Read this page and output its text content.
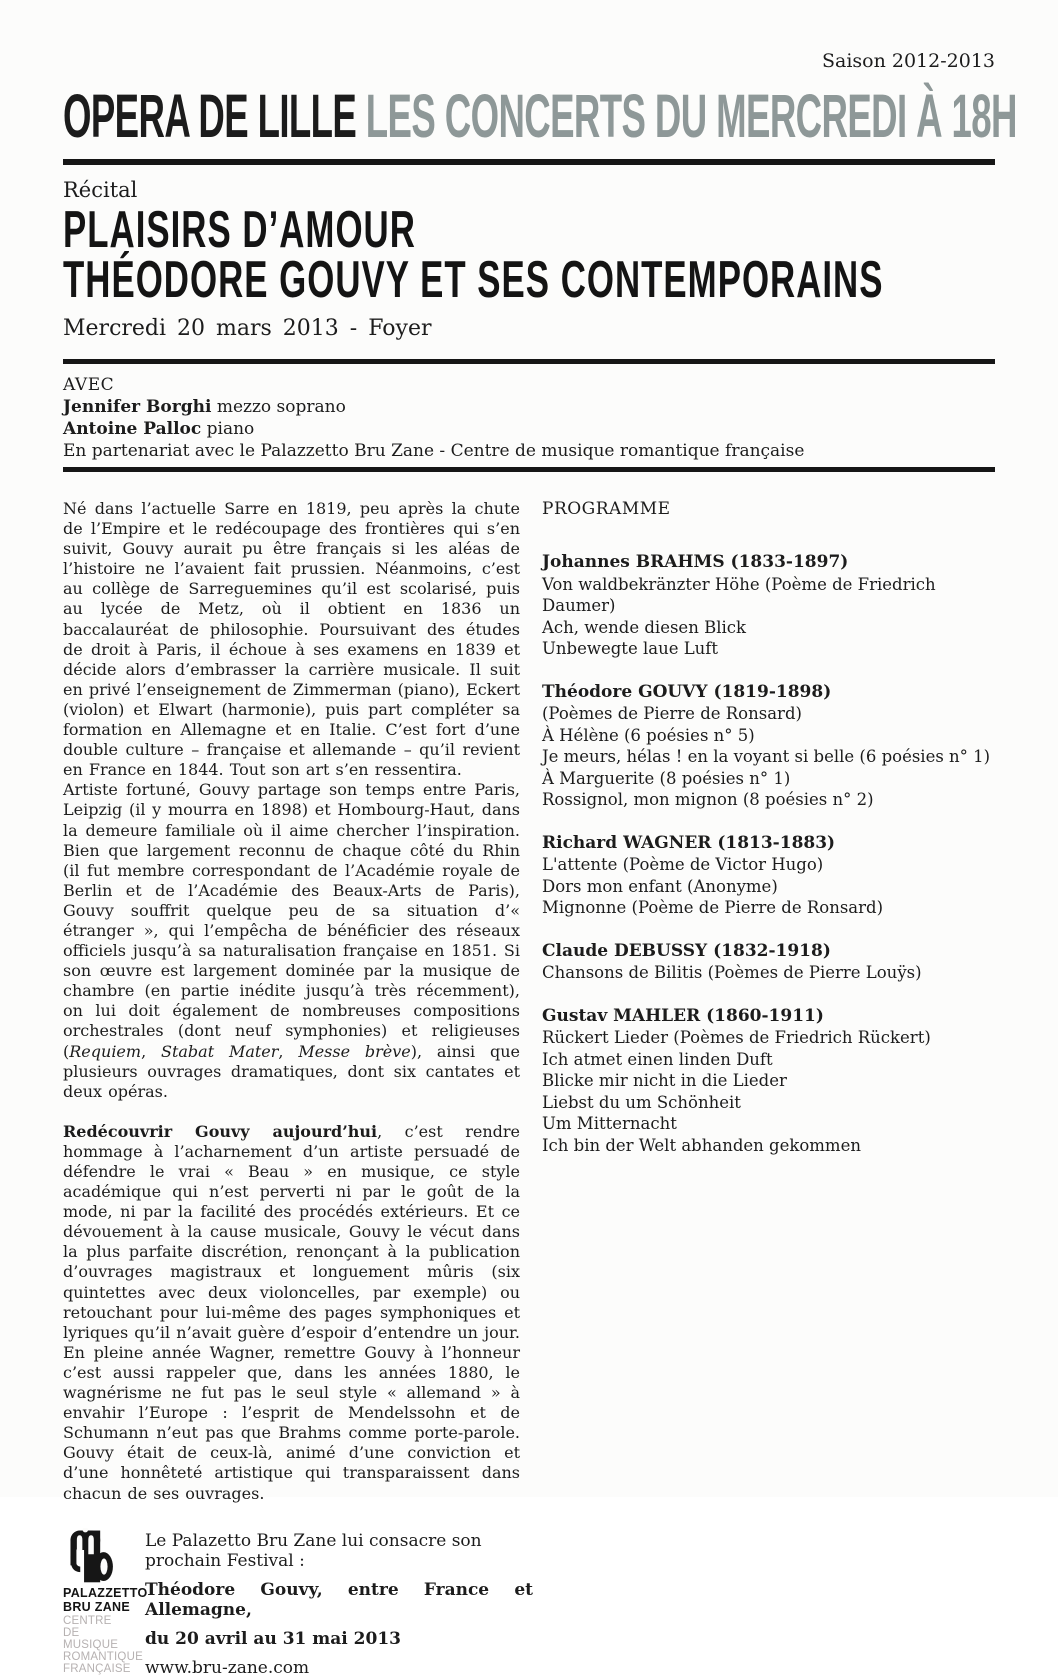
Saison 2012-2013
OPERA DE LILLE LES CONCERTS DU MERCREDI À 18H
Récital
PLAISIRS D’AMOUR
THÉODORE GOUVY ET SES CONTEMPORAINS
Mercredi 20 mars 2013 - Foyer
AVEC
Jennifer Borghi mezzo soprano
Antoine Palloc piano
En partenariat avec le Palazzetto Bru Zane - Centre de musique romantique française
Né dans l’actuelle Sarre en 1819, peu après la chute de l’Empire et le redécoupage des frontières qui s’en suivit, Gouvy aurait pu être français si les aléas de l’histoire ne l’avaient fait prussien. Néanmoins, c’est au collège de Sarreguemines qu’il est scolarisé, puis au lycée de Metz, où il obtient en 1836 un baccalauréat de philosophie. Poursuivant des études de droit à Paris, il échoue à ses examens en 1839 et décide alors d’embrasser la carrière musicale. Il suit en privé l’enseignement de Zimmerman (piano), Eckert (violon) et Elwart (harmonie), puis part compléter sa formation en Allemagne et en Italie. C’est fort d’une double culture – française et allemande – qu’il revient en France en 1844. Tout son art s’en ressentira.
Artiste fortuné, Gouvy partage son temps entre Paris, Leipzig (il y mourra en 1898) et Hombourg-Haut, dans la demeure familiale où il aime chercher l’inspiration. Bien que largement reconnu de chaque côté du Rhin (il fut membre correspondant de l’Académie royale de Berlin et de l’Académie des Beaux-Arts de Paris), Gouvy souffrit quelque peu de sa situation d’« étranger », qui l’empêcha de bénéficier des réseaux officiels jusqu’à sa naturalisation française en 1851. Si son œuvre est largement dominée par la musique de chambre (en partie inédite jusqu’à très récemment), on lui doit également de nombreuses compositions orchestrales (dont neuf symphonies) et religieuses (Requiem, Stabat Mater, Messe brève), ainsi que plusieurs ouvrages dramatiques, dont six cantates et deux opéras.
Redécouvrir Gouvy aujourd’hui, c’est rendre hommage à l’acharnement d’un artiste persuadé de défendre le vrai « Beau » en musique, ce style académique qui n’est perverti ni par le goût de la mode, ni par la facilité des procédés extérieurs. Et ce dévouement à la cause musicale, Gouvy le vécut dans la plus parfaite discrétion, renonçant à la publication d’ouvrages magistraux et longuement mûris (six quintettes avec deux violoncelles, par exemple) ou retouchant pour lui-même des pages symphoniques et lyriques qu’il n’avait guère d’espoir d’entendre un jour. En pleine année Wagner, remettre Gouvy à l’honneur c’est aussi rappeler que, dans les années 1880, le wagnérisme ne fut pas le seul style « allemand » à envahir l’Europe : l’esprit de Mendelssohn et de Schumann n’eut pas que Brahms comme porte-parole. Gouvy était de ceux-là, animé d’une conviction et d’une honnêteté artistique qui transparaissent dans chacun de ses ouvrages.
PROGRAMME
Johannes BRAHMS (1833-1897)
Von waldbekränzter Höhe (Poème de Friedrich Daumer)
Ach, wende diesen Blick
Unbewegte laue Luft
Théodore GOUVY (1819-1898)
(Poèmes de Pierre de Ronsard)
À Hélène (6 poésies n° 5)
Je meurs, hélas ! en la voyant si belle (6 poésies n° 1)
À Marguerite (8 poésies n° 1)
Rossignol, mon mignon (8 poésies n° 2)
Richard WAGNER (1813-1883)
L'attente (Poème de Victor Hugo)
Dors mon enfant (Anonyme)
Mignonne (Poème de Pierre de Ronsard)
Claude DEBUSSY (1832-1918)
Chansons de Bilitis (Poèmes de Pierre Louÿs)
Gustav MAHLER (1860-1911)
Rückert Lieder (Poèmes de Friedrich Rückert)
Ich atmet einen linden Duft
Blicke mir nicht in die Lieder
Liebst du um Schönheit
Um Mitternacht
Ich bin der Welt abhanden gekommen
PALAZZETTO
BRU ZANE
CENTRE
DE MUSIQUE
ROMANTIQUE
FRANÇAISE
Le Palazetto Bru Zane lui consacre son prochain Festival :
Théodore Gouvy, entre France et Allemagne,
du 20 avril au 31 mai 2013
www.bru-zane.com
